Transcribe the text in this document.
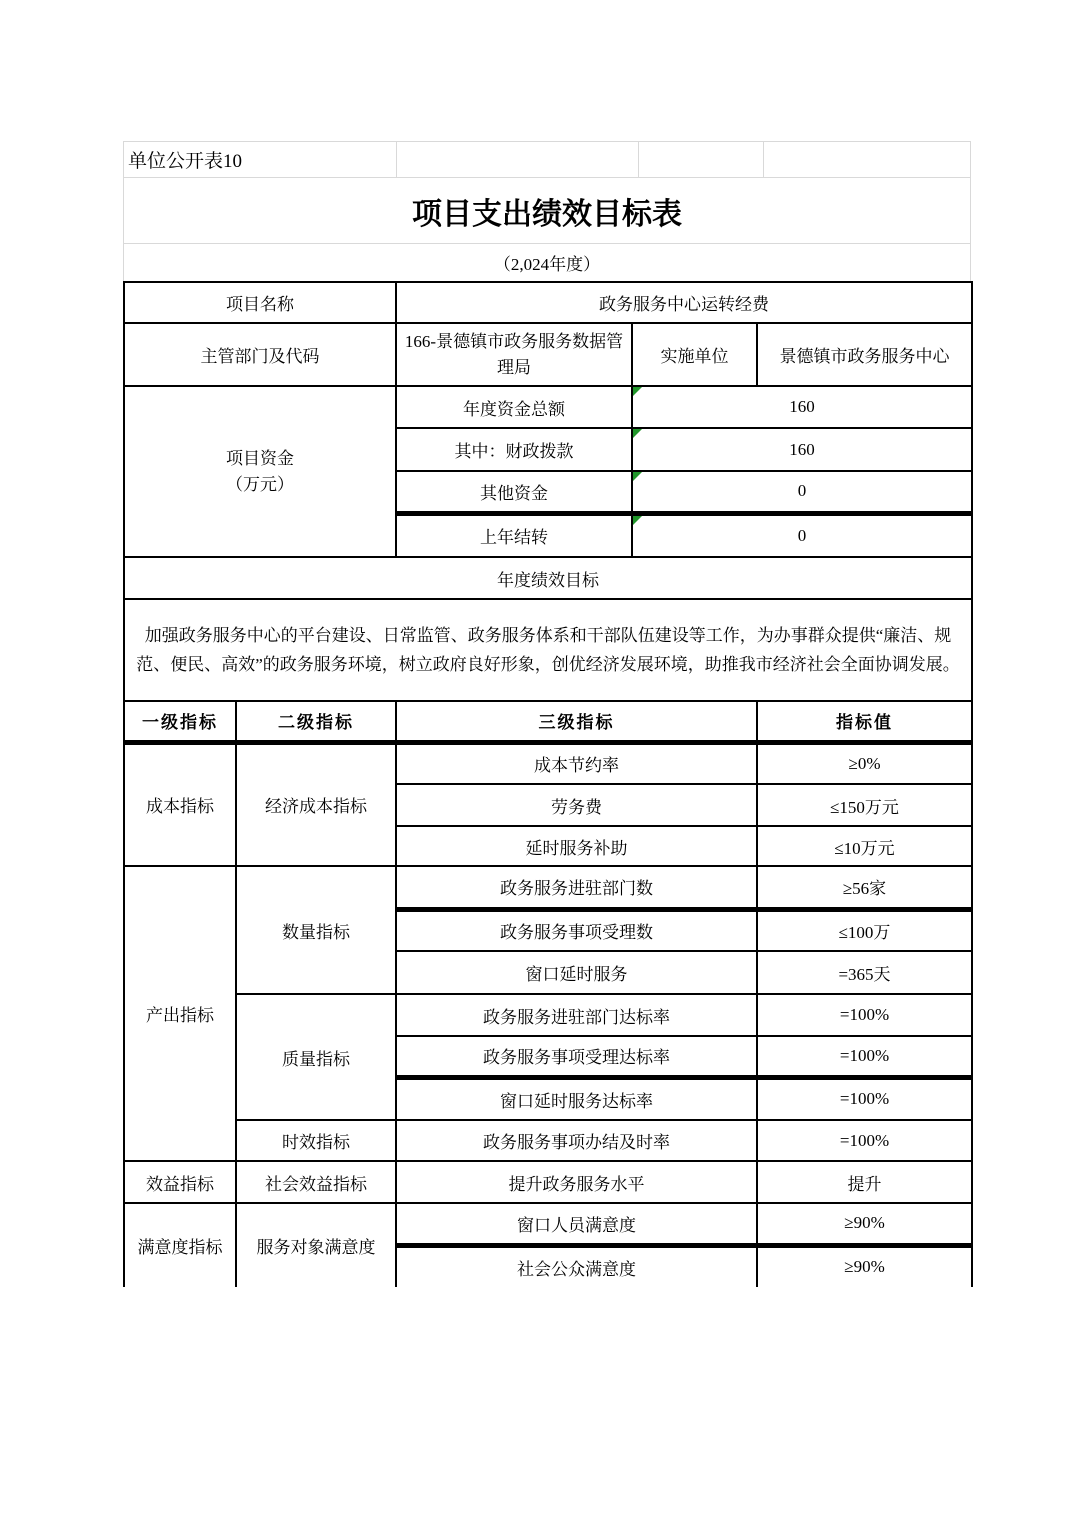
单位公开表10
项目支出绩效目标表
（2,024年度）
项目名称		政务服务中心运转经费		
主管部门及代码		166-景德镇市政务服务数据管理局	实施单位	景德镇市政务服务中心

项目资金
（万元）		年度资金总额	160	
		其中：财政拨款	160	
		其他资金	0	
		上年结转	0	
年度绩效目标				
加强政务服务中心的平台建设、日常监管、政务服务体系和干部队伍建设等工作，为办事群众提供“廉洁、规范、便民、高效”的政务服务环境，树立政府良好形象，创优经济发展环境，助推我市经济社会全面协调发展。				
一级指标	二级指标	三级指标		指标值
成本指标	经济成本指标	成本节约率		≥0%
		劳务费		≤150万元
		延时服务补助		≤10万元
产出指标	数量指标	政务服务进驻部门数		≥56家
		政务服务事项受理数		≤100万
		窗口延时服务		=365天
	质量指标	政务服务进驻部门达标率		=100%
		政务服务事项受理达标率		=100%
		窗口延时服务达标率		=100%
	时效指标	政务服务事项办结及时率		=100%
效益指标	社会效益指标	提升政务服务水平		提升
满意度指标	服务对象满意度	窗口人员满意度		≥90%
		社会公众满意度		≥90%
